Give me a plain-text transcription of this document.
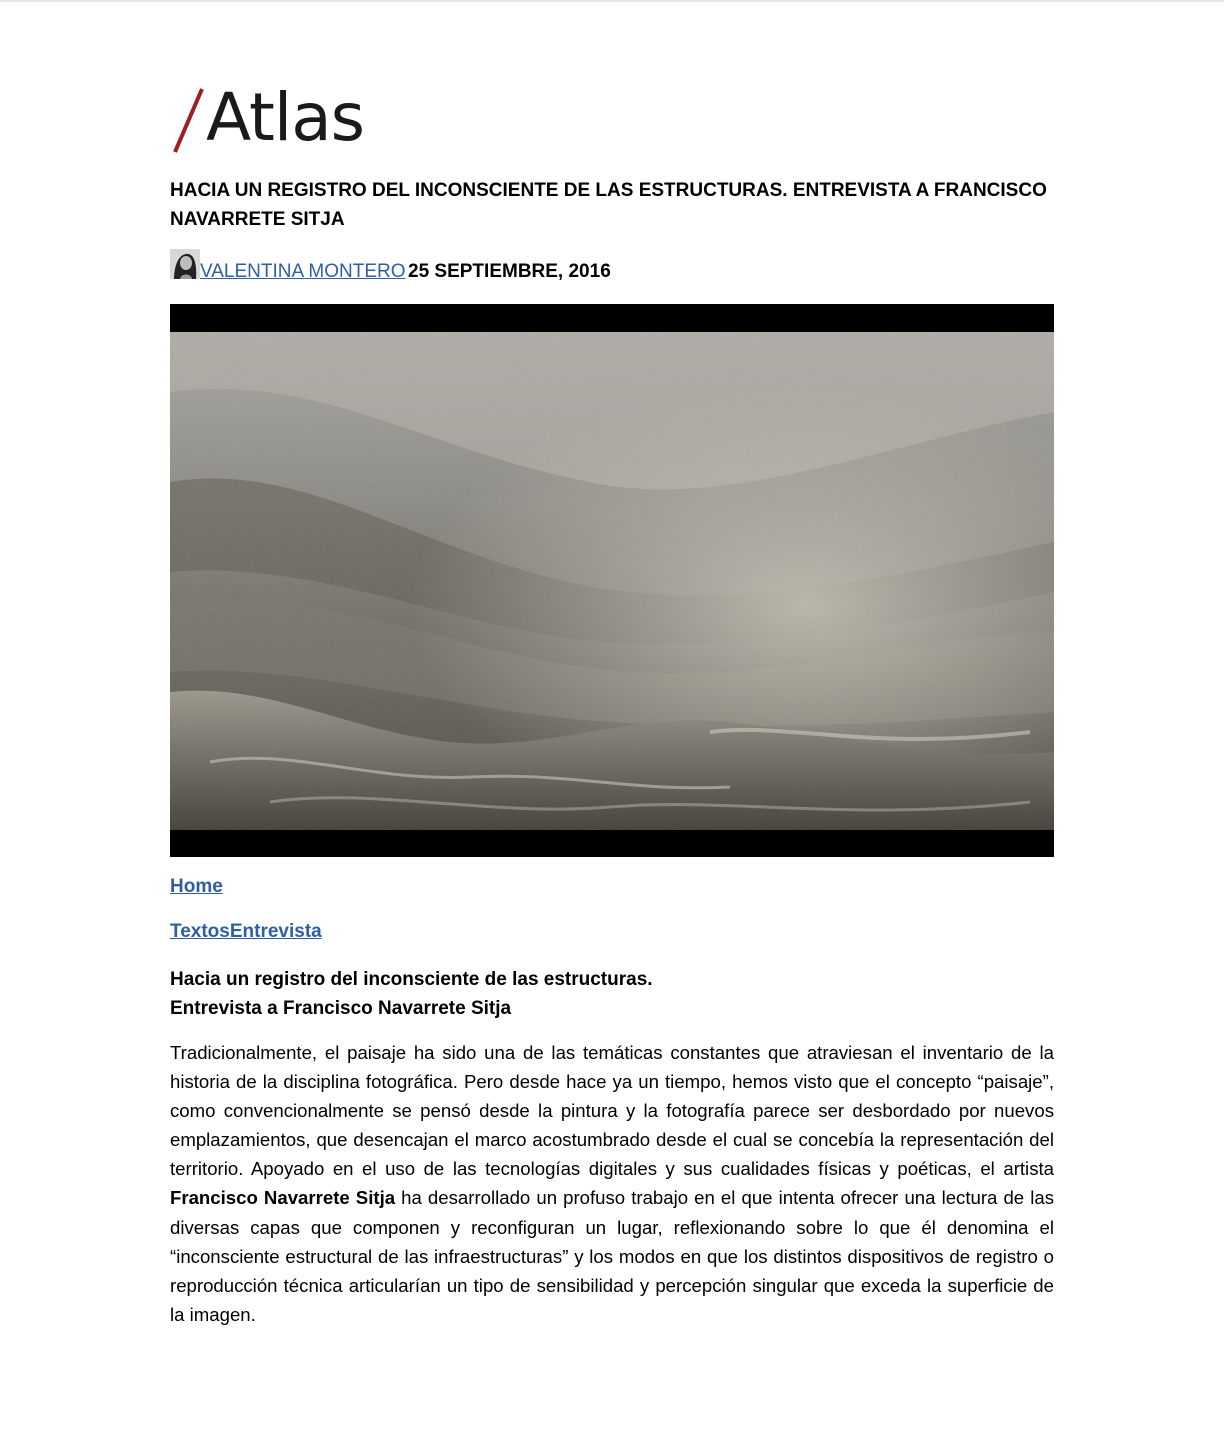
Atlas
HACIA UN REGISTRO DEL INCONSCIENTE DE LAS ESTRUCTURAS. ENTREVISTA A FRANCISCO NAVARRETE SITJA
VALENTINA MONTERO 25 SEPTIEMBRE, 2016
Home
TextosEntrevista
Hacia un registro del inconsciente de las estructuras.
Entrevista a Francisco Navarrete Sitja

Tradicionalmente, el paisaje ha sido una de las temáticas constantes que atraviesan el inventario de la historia de la disciplina fotográfica. Pero desde hace ya un tiempo, hemos visto que el concepto “paisaje”, como convencionalmente se pensó desde la pintura y la fotografía parece ser desbordado por nuevos emplazamientos, que desencajan el marco acostumbrado desde el cual se concebía la representación del territorio. Apoyado en el uso de las tecnologías digitales y sus cualidades físicas y poéticas, el artista Francisco Navarrete Sitja ha desarrollado un profuso trabajo en el que intenta ofrecer una lectura de las diversas capas que componen y reconfiguran un lugar, reflexionando sobre lo que él denomina el “inconsciente estructural de las infraestructuras” y los modos en que los distintos dispositivos de registro o reproducción técnica articularían un tipo de sensibilidad y percepción singular que exceda la superficie de la imagen.
